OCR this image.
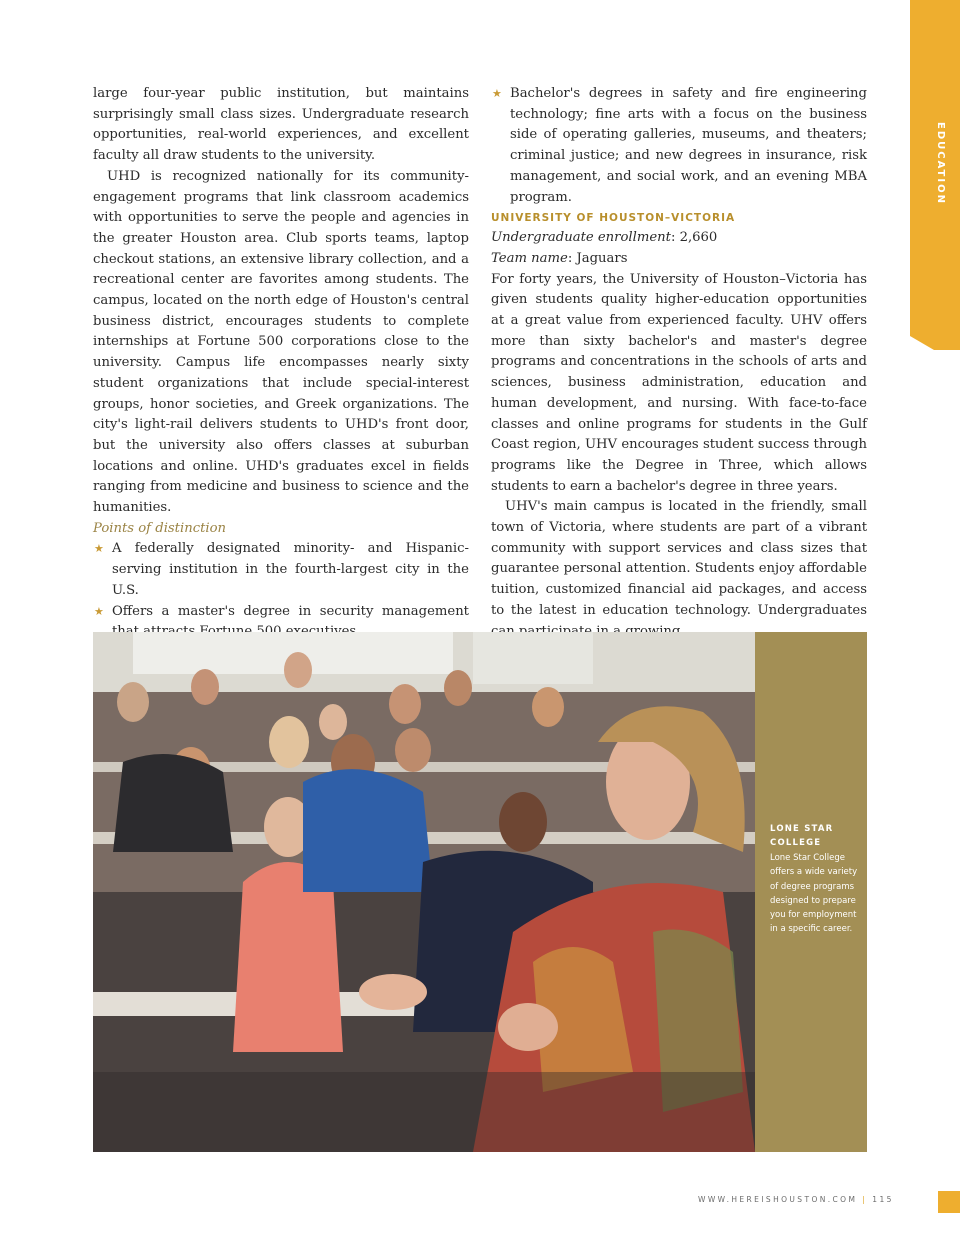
EDUCATION

large four-year public institution, but maintains surprisingly small class sizes. Undergraduate research opportunities, real-world experiences, and excellent faculty all draw students to the university.

UHD is recognized nationally for its community-engagement programs that link classroom academics with opportunities to serve the people and agencies in the greater Houston area. Club sports teams, laptop checkout stations, an extensive library collection, and a recreational center are favorites among students. The campus, located on the north edge of Houston's central business district, encourages students to complete internships at Fortune 500 corporations close to the university. Campus life encompasses nearly sixty student organizations that include special-interest groups, honor societies, and Greek organizations. The city's light-rail delivers students to UHD's front door, but the university also offers classes at suburban locations and online. UHD's graduates excel in fields ranging from medicine and business to science and the humanities.

Points of distinction

★ A federally designated minority- and Hispanic-serving institution in the fourth-largest city in the U.S.
★ Offers a master's degree in security management
★ Bachelor's degrees in safety and fire engineering technology; fine arts with a focus on the business side of operating galleries, museums, and theaters; criminal justice; and new degrees in insurance, risk management, and social work, and an evening MBA program.

UNIVERSITY OF HOUSTON–VICTORIA

Undergraduate enrollment: 2,660

Team name: Jaguars

For forty years, the University of Houston–Victoria has given students quality higher-education opportunities at a great value from experienced faculty. UHV offers more than sixty bachelor's and master's degree programs and concentrations in the schools of arts and sciences, business administration, education and human development, and nursing. With face-to-face classes and online programs for students in the Gulf Coast region, UHV encourages student success through programs like the Degree in Three, which allows students to earn a bachelor's degree in three years.

UHV's main campus is located in the friendly, small town of Victoria, where students are part of a vibrant community with support services and class sizes that guarantee personal attention. Students enjoy affordable tuition, customized financial aid packages, and access to the latest in education technology. Undergraduates

LONE STAR COLLEGE
Lone Star College offers a wide variety of degree programs designed to prepare you for employment in a specific career.
WWW.HEREISHOUSTON.COM | 115
